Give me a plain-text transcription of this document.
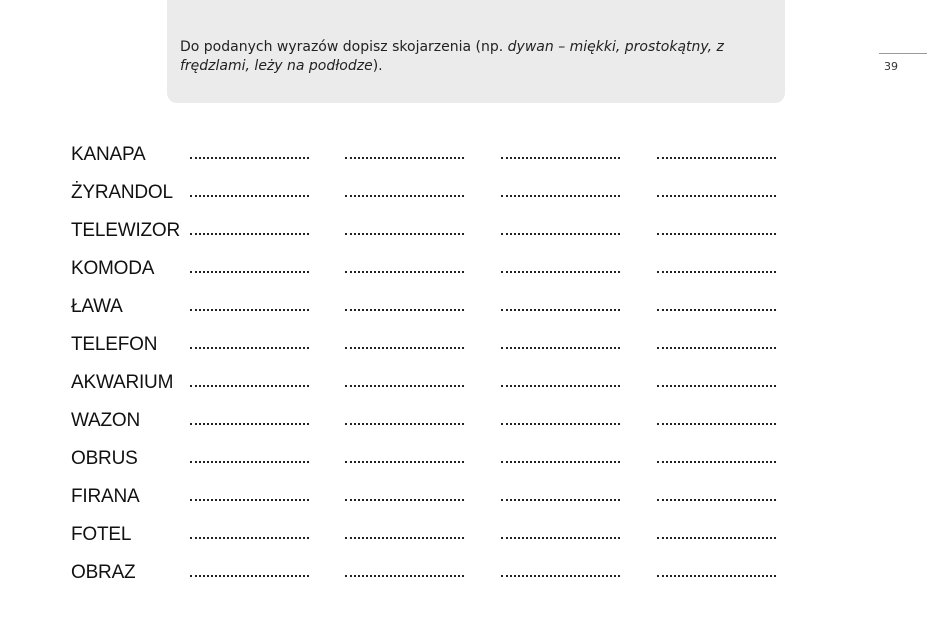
Do podanych wyrazów dopisz skojarzenia (np. dywan – miękki, prostokątny, z frędzlami, leży na podłodze).	39
KANAPA
ŻYRANDOL
TELEWIZOR
KOMODA
ŁAWA
TELEFON
AKWARIUM
WAZON
OBRUS
FIRANA
FOTEL
OBRAZ
